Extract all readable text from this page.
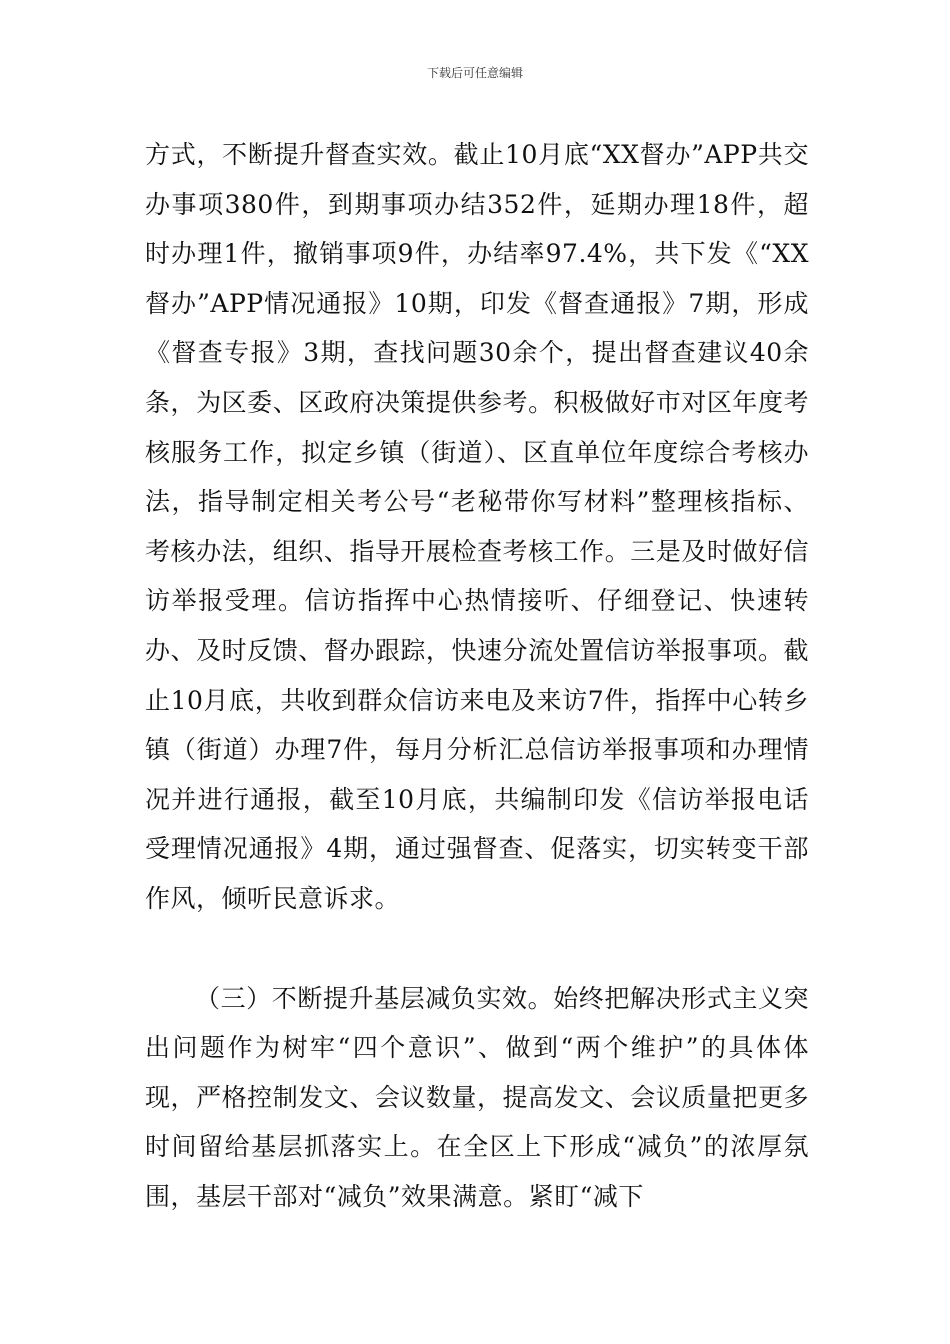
下载后可任意编辑

方式，不断提升督查实效。截止10月底“XX督办”APP共交办事项380件，到期事项办结352件，延期办理18件，超时办理1件，撤销事项9件，办结率97.4%，共下发《“XX督办”APP情况通报》10期，印发《督查通报》7期，形成《督查专报》3期，查找问题30余个，提出督查建议40余条，为区委、区政府决策提供参考。积极做好市对区年度考核服务工作，拟定乡镇（街道）、区直单位年度综合考核办法，指导制定相关考公号“老秘带你写材料”整理核指标、考核办法，组织、指导开展检查考核工作。三是及时做好信访举报受理。信访指挥中心热情接听、仔细登记、快速转办、及时反馈、督办跟踪，快速分流处置信访举报事项。截止10月底，共收到群众信访来电及来访7件，指挥中心转乡镇（街道）办理7件，每月分析汇总信访举报事项和办理情况并进行通报，截至10月底，共编制印发《信访举报电话受理情况通报》4期，通过强督查、促落实，切实转变干部作风，倾听民意诉求。

（三）不断提升基层减负实效。始终把解决形式主义突出问题作为树牢“四个意识”、做到“两个维护”的具体体现，严格控制发文、会议数量，提高发文、会议质量把更多时间留给基层抓落实上。在全区上下形成“减负”的浓厚氛围，基层干部对“减负”效果满意。紧盯“减下
